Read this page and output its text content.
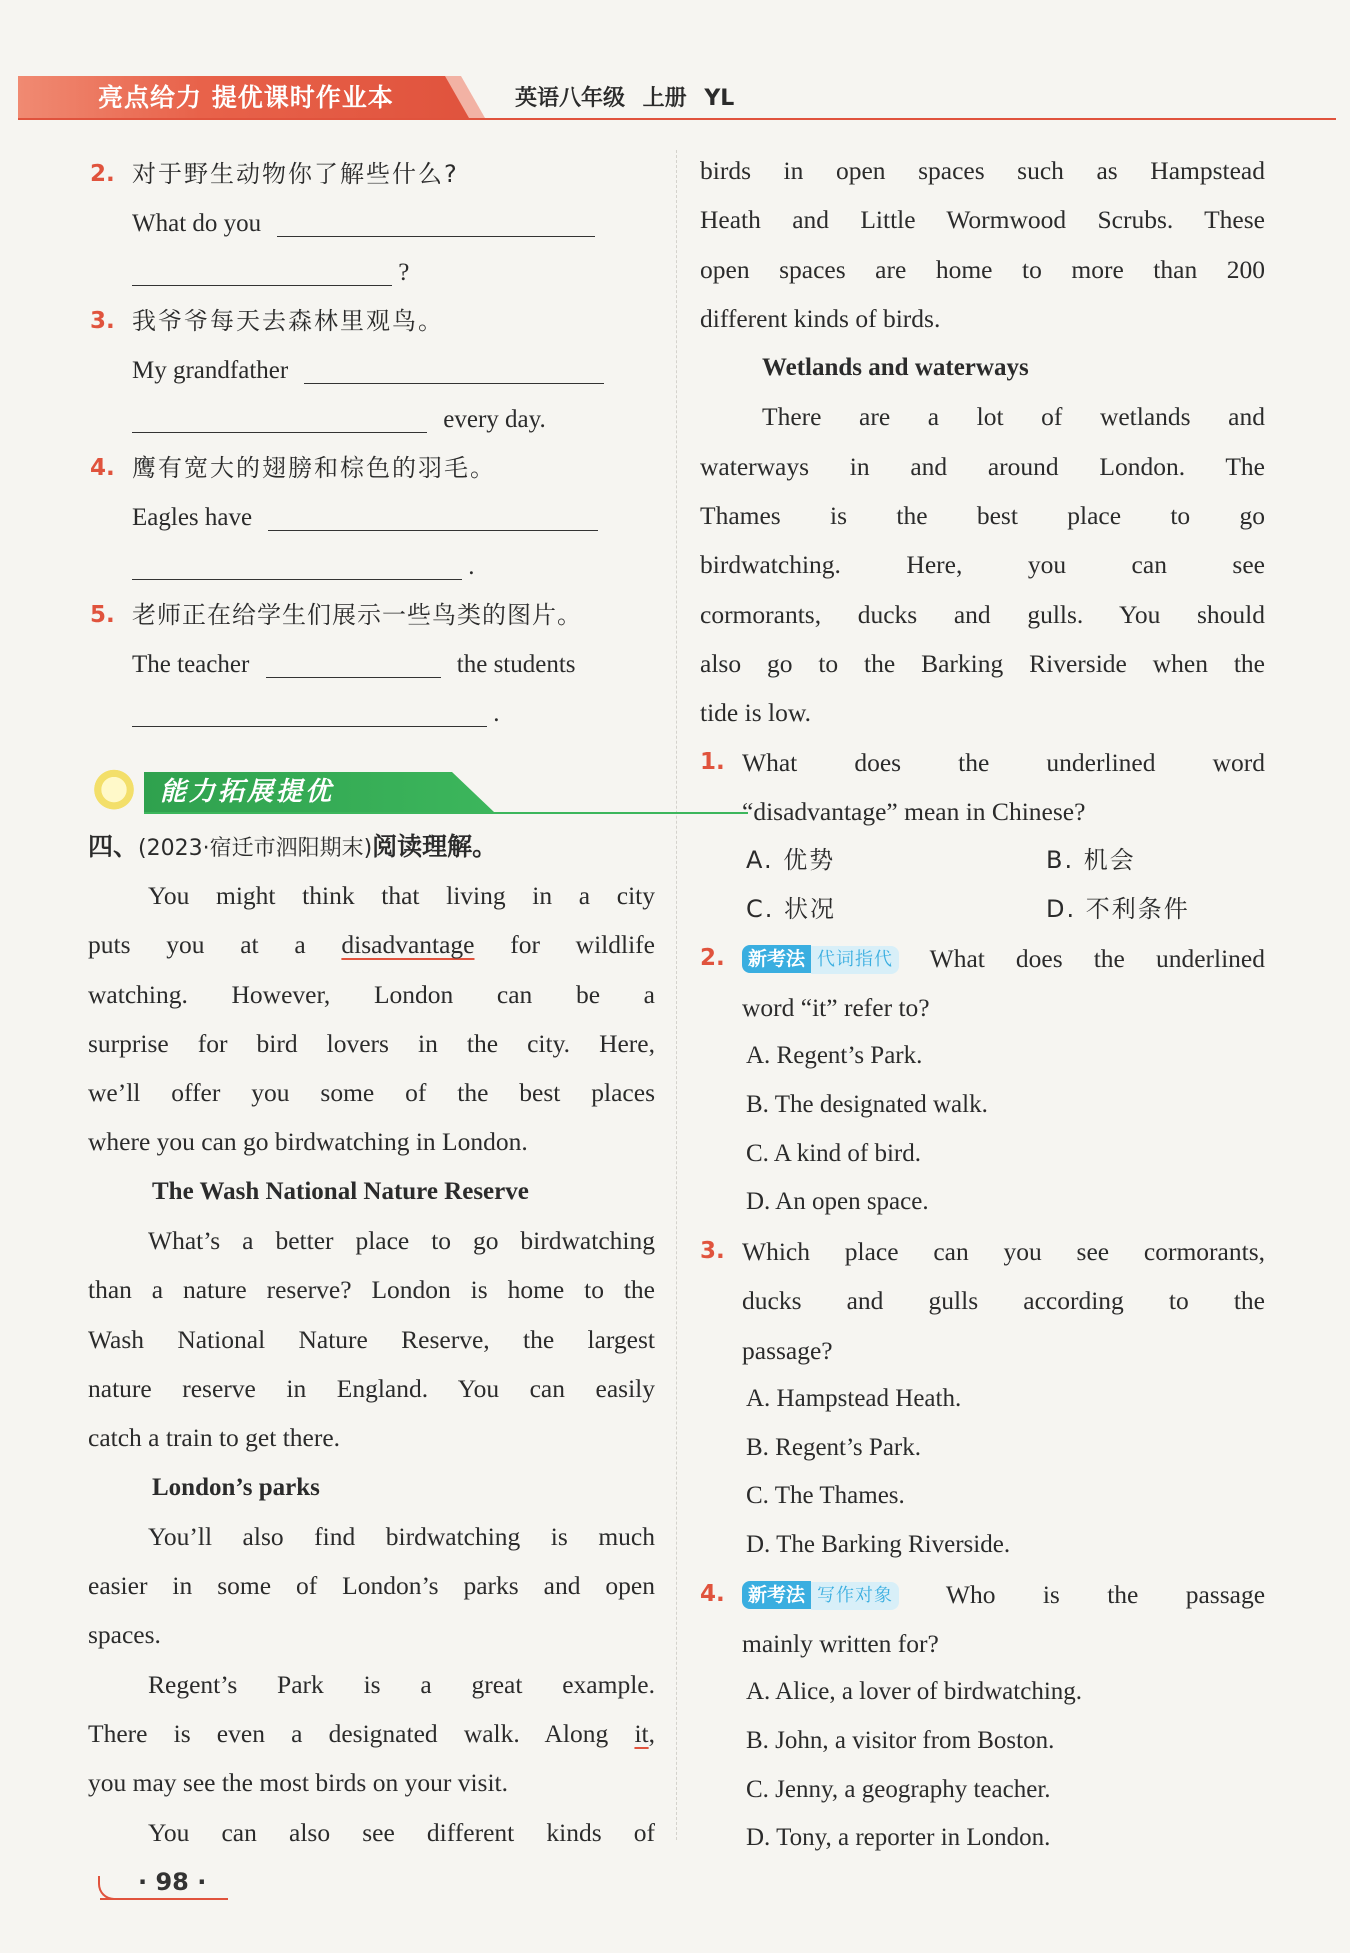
亮点给力 提优课时作业本	英语八年级 上册 YL
2. 对于野生动物你了解些什么?
What do you
?
3. 我爷爷每天去森林里观鸟。
My grandfather
every day.
4. 鹰有宽大的翅膀和棕色的羽毛。
Eagles have
.
5. 老师正在给学生们展示一些鸟类的图片。
The teacher	the students
.
能力拓展提优
四、(2023·宿迁市泗阳期末)阅读理解。
You might think that living in a city
puts you at a disadvantage for wildlife
watching. However, London can be a
surprise for bird lovers in the city. Here,
we’ll offer you some of the best places
where you can go birdwatching in London.
The Wash National Nature Reserve
What’s a better place to go birdwatching
than a nature reserve? London is home to the
Wash National Nature Reserve, the largest
nature reserve in England. You can easily
catch a train to get there.
London’s parks
You’ll also find birdwatching is much
easier in some of London’s parks and open
spaces.
Regent’s Park is a great example.
There is even a designated walk. Along it,
you may see the most birds on your visit.
You can also see different kinds of
birds in open spaces such as Hampstead
Heath and Little Wormwood Scrubs. These
open spaces are home to more than 200
different kinds of birds.
Wetlands and waterways
There are a lot of wetlands and
waterways in and around London. The
Thames is the best place to go
birdwatching. Here, you can see
cormorants, ducks and gulls. You should
also go to the Barking Riverside when the
tide is low.
1. What does the underlined word
“disadvantage” mean in Chinese?
A. 优势	B. 机会
C. 状况	D. 不利条件
2.	新考法 代词指代 What does the underlined
word “it” refer to?
A. Regent’s Park.
B. The designated walk.
C. A kind of bird.
D. An open space.
3. Which place can you see cormorants,
ducks and gulls according to the
passage?
A. Hampstead Heath.
B. Regent’s Park.
C. The Thames.
D. The Barking Riverside.
4.	新考法 写作对象 Who is the passage
mainly written for?
A. Alice, a lover of birdwatching.
B. John, a visitor from Boston.
C. Jenny, a geography teacher.
D. Tony, a reporter in London.
· 98 ·
